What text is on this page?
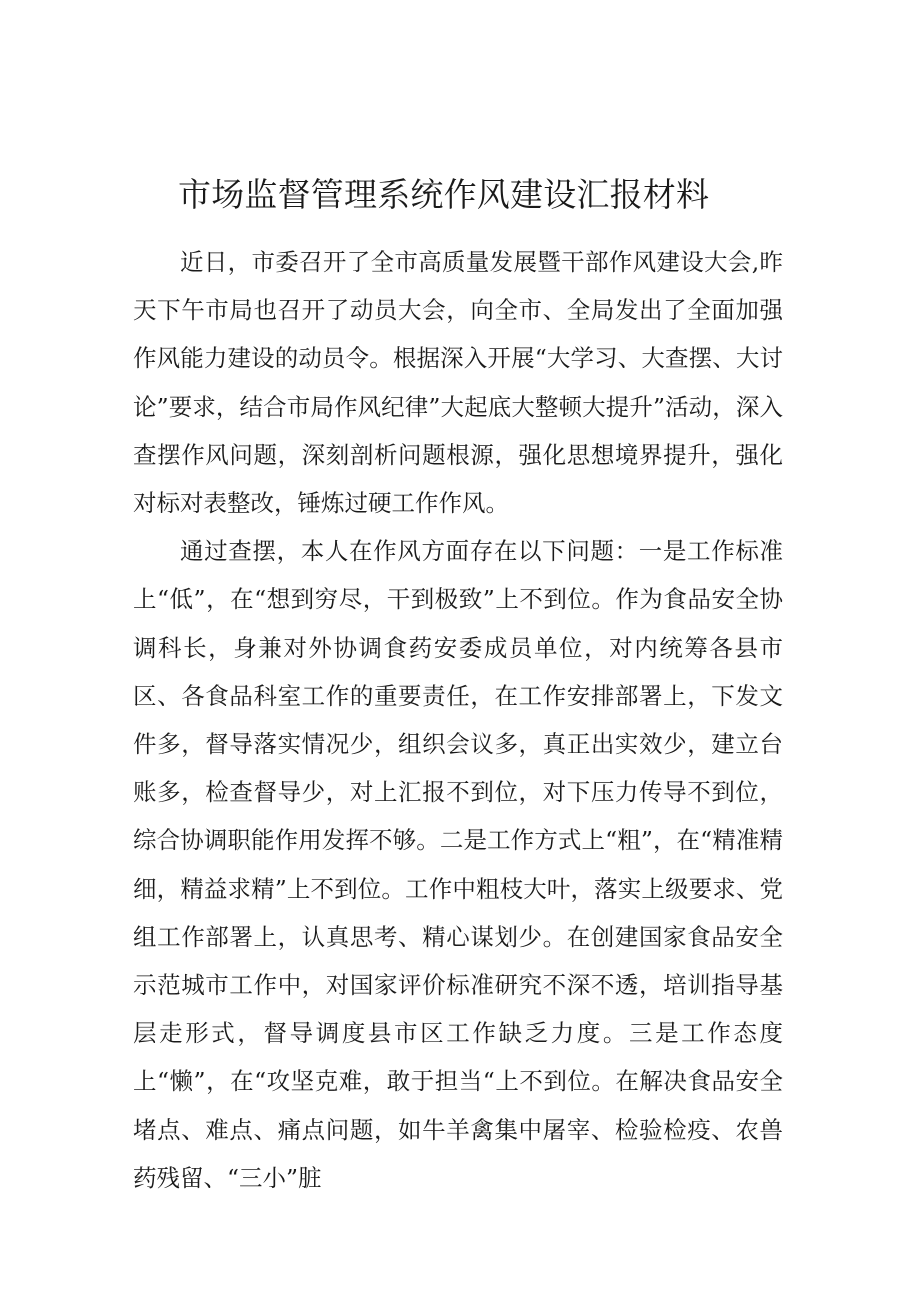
市场监督管理系统作风建设汇报材料

近日，市委召开了全市高质量发展暨干部作风建设大会,昨天下午市局也召开了动员大会，向全市、全局发出了全面加强作风能力建设的动员令。根据深入开展“大学习、大查摆、大讨论”要求，结合市局作风纪律”大起底大整顿大提升”活动，深入查摆作风问题，深刻剖析问题根源，强化思想境界提升，强化对标对表整改，锤炼过硬工作作风。

通过查摆，本人在作风方面存在以下问题：一是工作标准上“低”，在“想到穷尽，干到极致”上不到位。作为食品安全协调科长，身兼对外协调食药安委成员单位，对内统筹各县市区、各食品科室工作的重要责任，在工作安排部署上，下发文件多，督导落实情况少，组织会议多，真正出实效少，建立台账多，检查督导少，对上汇报不到位，对下压力传导不到位，综合协调职能作用发挥不够。二是工作方式上“粗”，在“精准精细，精益求精”上不到位。工作中粗枝大叶，落实上级要求、党组工作部署上，认真思考、精心谋划少。在创建国家食品安全示范城市工作中，对国家评价标准研究不深不透，培训指导基层走形式，督导调度县市区工作缺乏力度。三是工作态度上“懒”，在“攻坚克难，敢于担当“上不到位。在解决食品安全堵点、难点、痛点问题，如牛羊禽集中屠宰、检验检疫、农兽药残留、“三小”脏
